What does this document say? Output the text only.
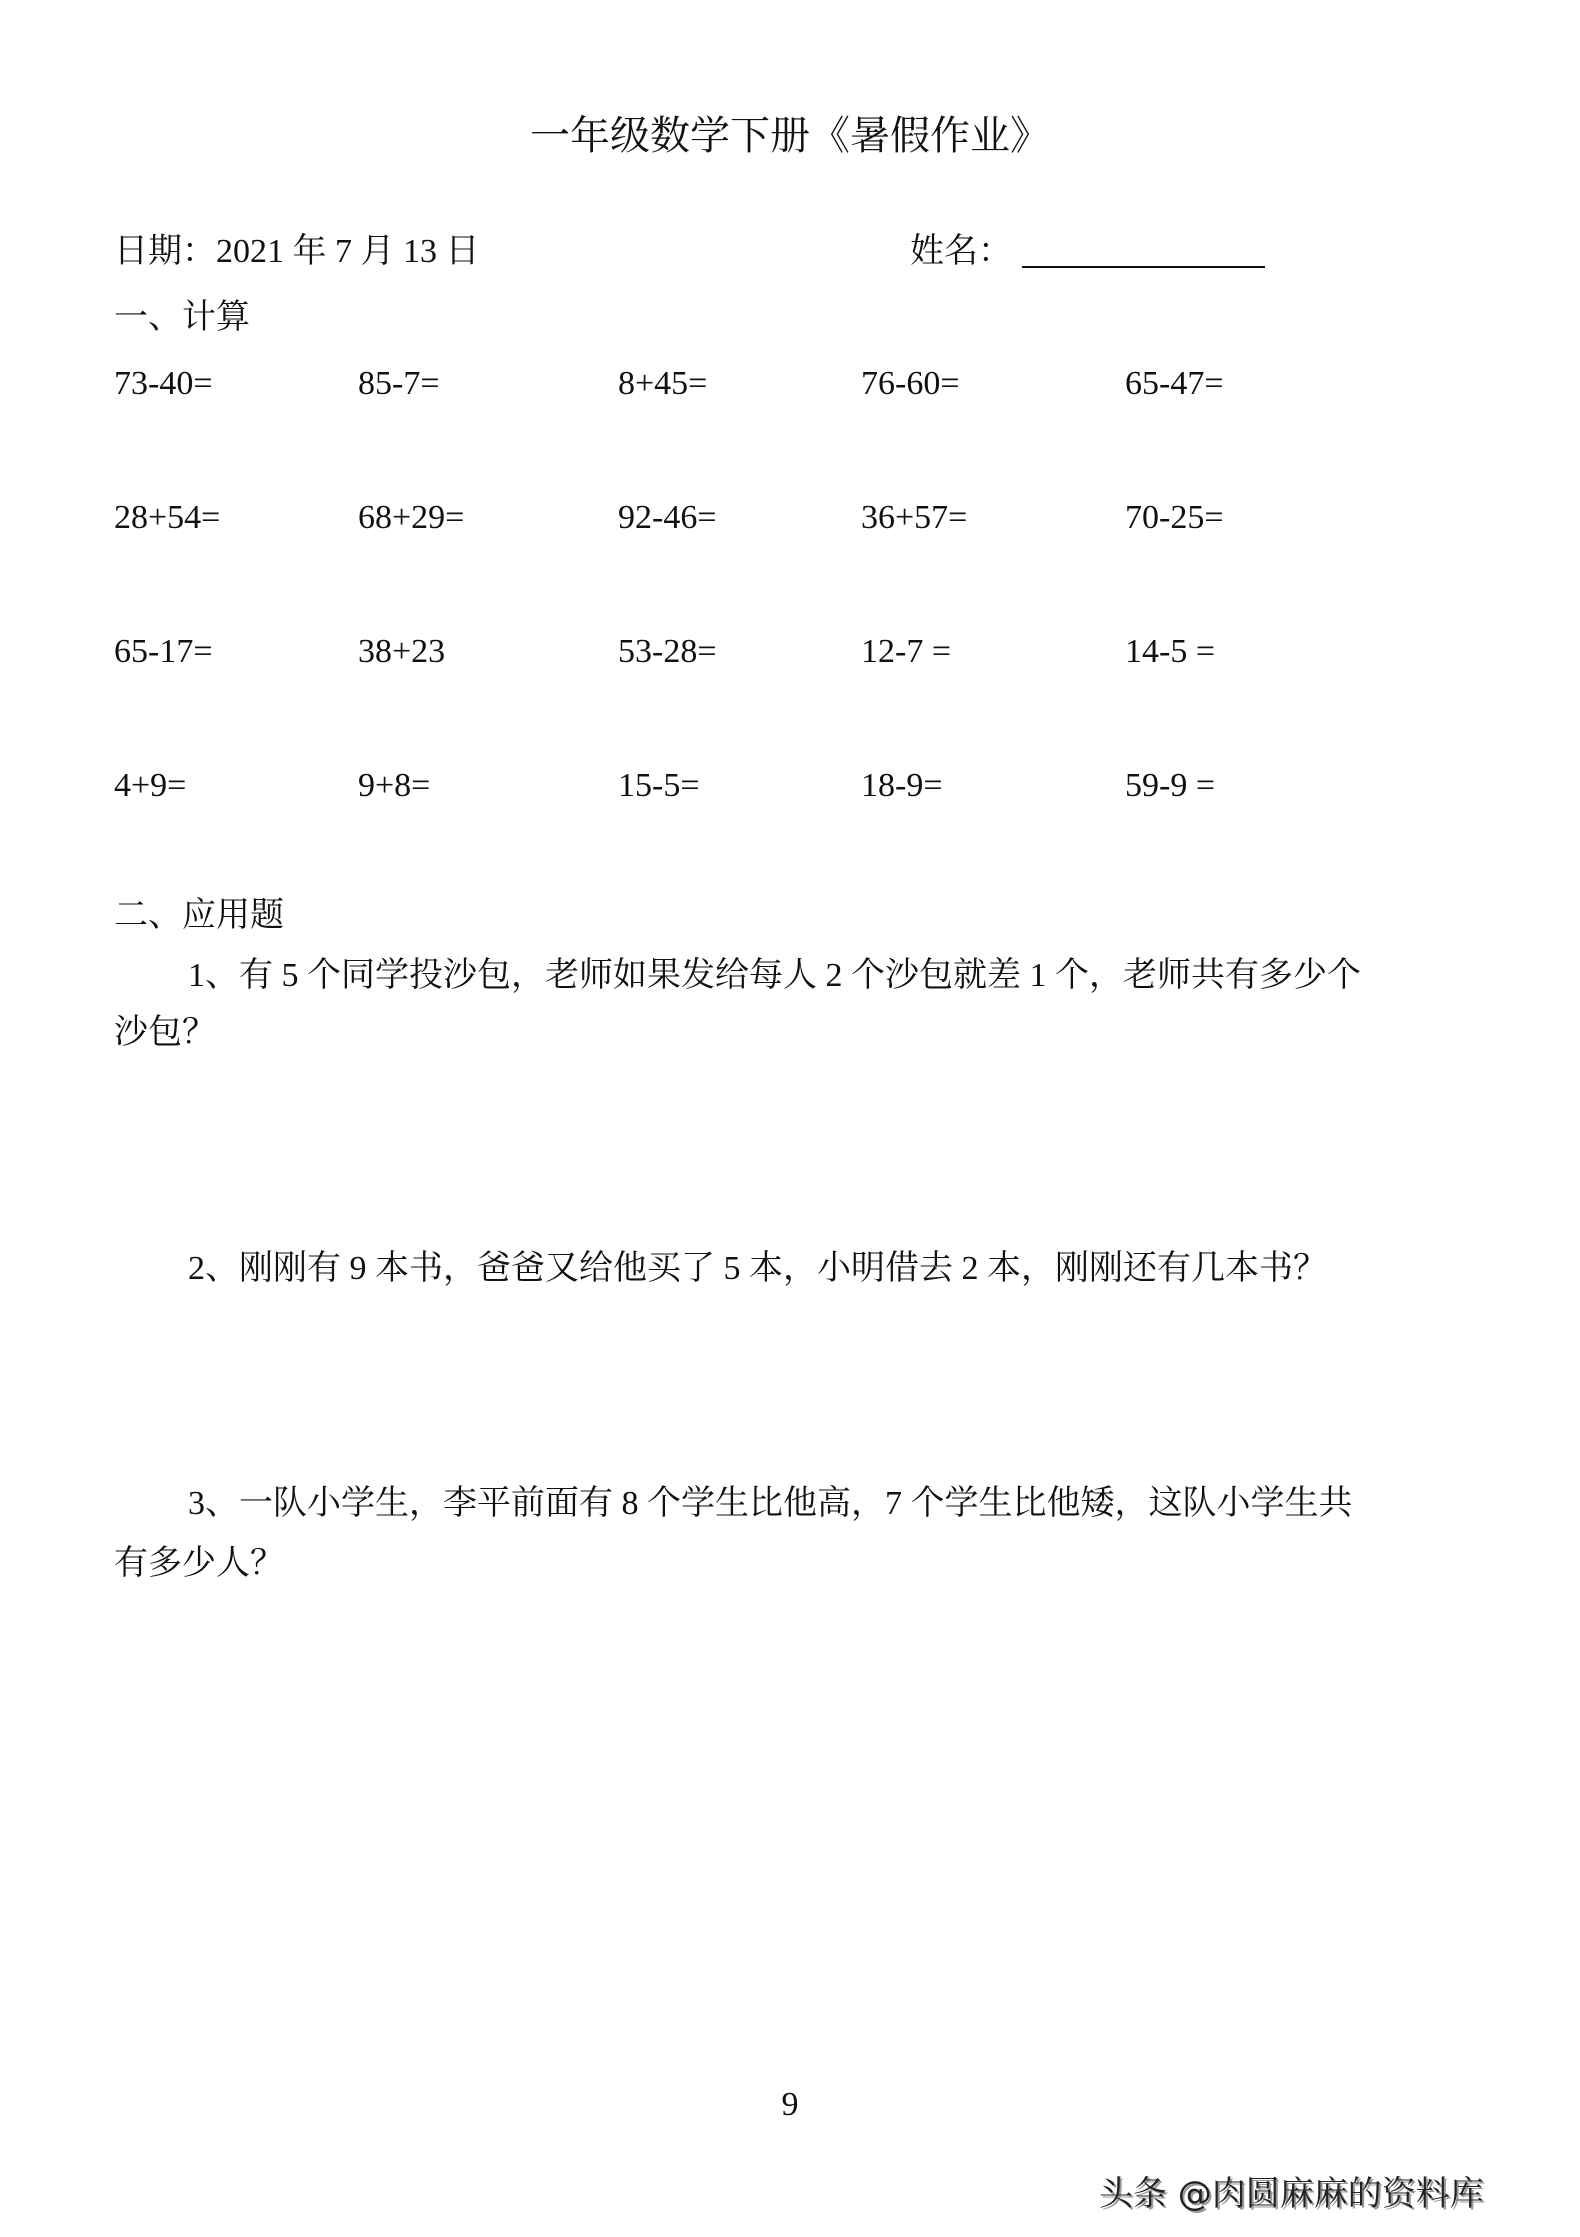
一年级数学下册《暑假作业》
日期：2021 年 7 月 13 日	姓名：
一、计算
73-40=	85-7=	8+45=	76-60=	65-47=
28+54=	68+29=	92-46=	36+57=	70-25=
65-17=	38+23	53-28=	12-7 =	14-5 =
4+9=	9+8=	15-5=	18-9=	59-9 =
二、应用题
1、有 5 个同学投沙包，老师如果发给每人 2 个沙包就差 1 个，老师共有多少个
沙包？
2、刚刚有 9 本书，爸爸又给他买了 5 本，小明借去 2 本，刚刚还有几本书？
3、一队小学生，李平前面有 8 个学生比他高，7 个学生比他矮，这队小学生共
有多少人？
9
头条 @肉圆麻麻的资料库
